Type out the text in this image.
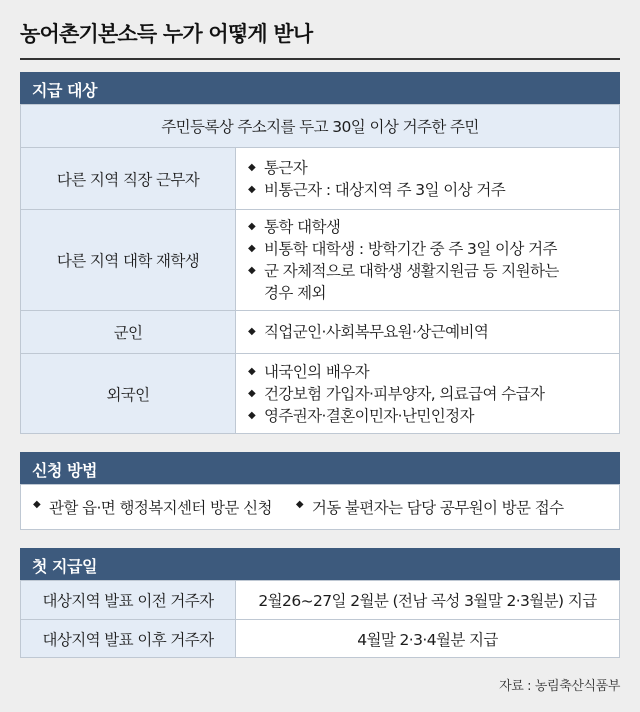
농어촌기본소득 누가 어떻게 받나
지급 대상
주민등록상 주소지를 두고 30일 이상 거주한 주민
다른 지역 직장 근무자
◆ 통근자
◆ 비통근자 : 대상지역 주 3일 이상 거주
다른 지역 대학 재학생
◆ 통학 대학생
◆ 비통학 대학생 : 방학기간 중 주 3일 이상 거주
◆ 군 자체적으로 대학생 생활지원금 등 지원하는
경우 제외
군인	◆ 직업군인·사회복무요원·상근예비역
외국인
◆ 내국인의 배우자
◆ 건강보험 가입자·피부양자, 의료급여 수급자
◆ 영주권자·결혼이민자·난민인정자
신청 방법
◆ 관할 읍·면 행정복지센터 방문 신청	◆ 거동 불편자는 담당 공무원이 방문 접수
첫 지급일
대상지역 발표 이전 거주자	2월26~27일 2월분 (전남 곡성 3월말 2·3월분) 지급
대상지역 발표 이후 거주자	4월말 2·3·4월분 지급
자료 : 농림축산식품부
